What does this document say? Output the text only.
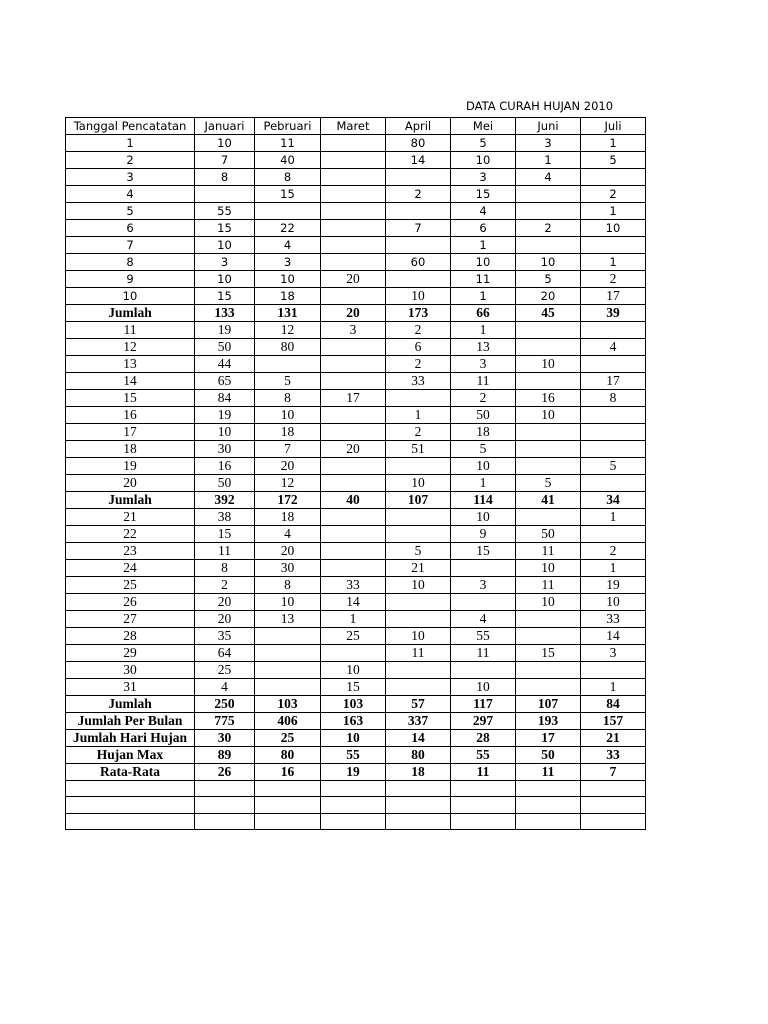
DATA CURAH HUJAN 2010
Tanggal Pencatatan	Januari	Pebruari	Maret	April	Mei	Juni	Juli
1	10	11		80	5	3	1
2	7	40		14	10	1	5
3	8	8			3	4	
4		15		2	15		2
5	55				4		1
6	15	22		7	6	2	10
7	10	4			1		
8	3	3		60	10	10	1
9	10	10	20		11	5	2
10	15	18		10	1	20	17
Jumlah	133	131	20	173	66	45	39
11	19	12	3	2	1		
12	50	80		6	13		4
13	44			2	3	10	
14	65	5		33	11		17
15	84	8	17		2	16	8
16	19	10		1	50	10	
17	10	18		2	18		
18	30	7	20	51	5		
19	16	20			10		5
20	50	12		10	1	5	
Jumlah	392	172	40	107	114	41	34
21	38	18			10		1
22	15	4			9	50	
23	11	20		5	15	11	2
24	8	30		21		10	1
25	2	8	33	10	3	11	19
26	20	10	14			10	10
27	20	13	1		4		33
28	35		25	10	55		14
29	64			11	11	15	3
30	25		10				
31	4		15		10		1
Jumlah	250	103	103	57	117	107	84
Jumlah Per Bulan	775	406	163	337	297	193	157
Jumlah Hari Hujan	30	25	10	14	28	17	21
Hujan Max	89	80	55	80	55	50	33
Rata-Rata	26	16	19	18	11	11	7
